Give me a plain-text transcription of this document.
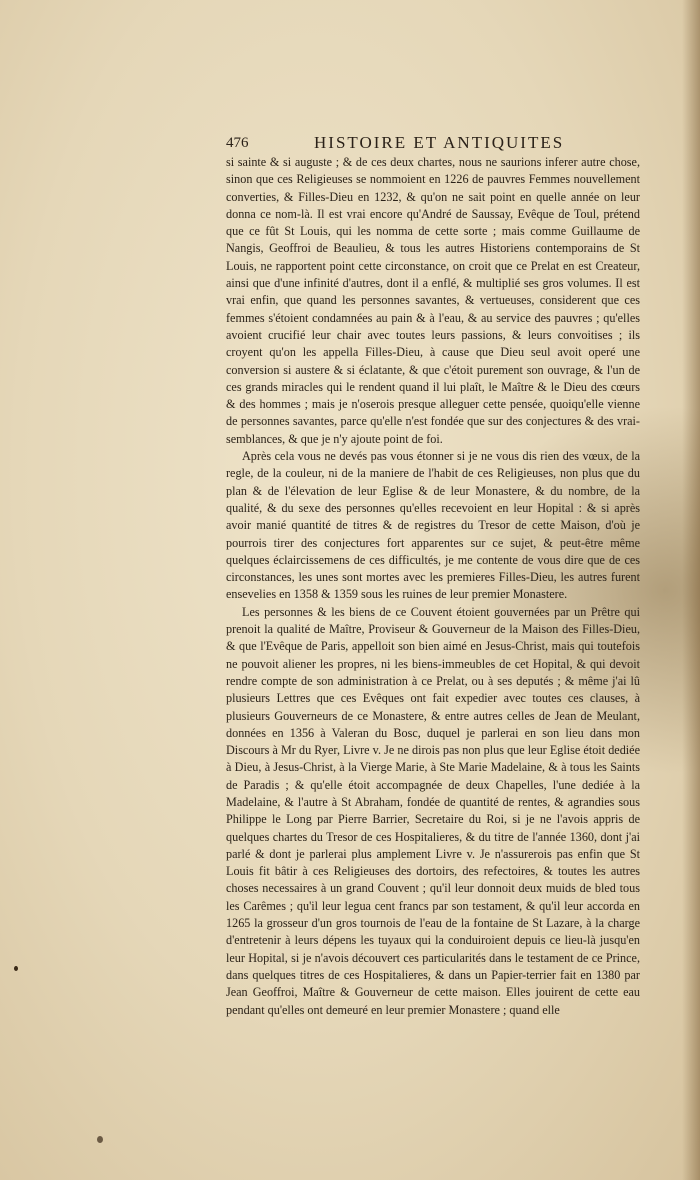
476	HISTOIRE ET ANTIQUITES

si sainte & si auguste ; & de ces deux chartes, nous ne saurions inferer autre chose, sinon que ces Religieuses se nommoient en 1226 de pauvres Femmes nouvellement converties, & Filles-Dieu en 1232, & qu'on ne sait point en quelle année on leur donna ce nom-là. Il est vrai encore qu'André de Saussay, Evêque de Toul, prétend que ce fût St Louis, qui les nomma de cette sorte ; mais comme Guillaume de Nangis, Geoffroi de Beaulieu, & tous les autres Historiens contemporains de St Louis, ne rapportent point cette circonstance, on croit que ce Prelat en est Createur, ainsi que d'une infinité d'autres, dont il a enflé, & multiplié ses gros volumes. Il est vrai enfin, que quand les personnes savantes, & vertueuses, considerent que ces femmes s'étoient condamnées au pain & à l'eau, & au service des pauvres ; qu'elles avoient crucifié leur chair avec toutes leurs passions, & leurs convoitises ; ils croyent qu'on les appella Filles-Dieu, à cause que Dieu seul avoit operé une conversion si austere & si éclatante, & que c'étoit purement son ouvrage, & l'un de ces grands miracles qui le rendent quand il lui plaît, le Maître & le Dieu des cœurs & des hommes ; mais je n'oserois presque alleguer cette pensée, quoiqu'elle vienne de personnes savantes, parce qu'elle n'est fondée que sur des conjectures & des vrai-semblances, & que je n'y ajoute point de foi.

Après cela vous ne devés pas vous étonner si je ne vous dis rien des vœux, de la regle, de la couleur, ni de la maniere de l'habit de ces Religieuses, non plus que du plan & de l'élevation de leur Eglise & de leur Monastere, & du nombre, de la qualité, & du sexe des personnes qu'elles recevoient en leur Hopital : & si après avoir manié quantité de titres & de registres du Tresor de cette Maison, d'où je pourrois tirer des conjectures fort apparentes sur ce sujet, & peut-être même quelques éclaircissemens de ces difficultés, je me contente de vous dire que de ces circonstances, les unes sont mortes avec les premieres Filles-Dieu, les autres furent ensevelies en 1358 & 1359 sous les ruines de leur premier Monastere.

Les personnes & les biens de ce Couvent étoient gouvernées par un Prêtre qui prenoit la qualité de Maître, Proviseur & Gouverneur de la Maison des Filles-Dieu, & que l'Evêque de Paris, appelloit son bien aimé en Jesus-Christ, mais qui toutefois ne pouvoit aliener les propres, ni les biens-immeubles de cet Hopital, & qui devoit rendre compte de son administration à ce Prelat, ou à ses deputés ; & même j'ai lû plusieurs Lettres que ces Evêques ont fait expedier avec toutes ces clauses, à plusieurs Gouverneurs de ce Monastere, & entre autres celles de Jean de Meulant, données en 1356 à Valeran du Bosc, duquel je parlerai en son lieu dans mon Discours à Mr du Ryer, Livre v. Je ne dirois pas non plus que leur Eglise étoit dediée à Dieu, à Jesus-Christ, à la Vierge Marie, à Ste Marie Madelaine, & à tous les Saints de Paradis ; & qu'elle étoit accompagnée de deux Chapelles, l'une dediée à la Madelaine, & l'autre à St Abraham, fondée de quantité de rentes, & agrandies sous Philippe le Long par Pierre Barrier, Secretaire du Roi, si je ne l'avois appris de quelques chartes du Tresor de ces Hospitalieres, & du titre de l'année 1360, dont j'ai parlé & dont je parlerai plus amplement Livre v. Je n'assurerois pas enfin que St Louis fit bâtir à ces Religieuses des dortoirs, des refectoires, & toutes les autres choses necessaires à un grand Couvent ; qu'il leur donnoit deux muids de bled tous les Carêmes ; qu'il leur legua cent francs par son testament, & qu'il leur accorda en 1265 la grosseur d'un gros tournois de l'eau de la fontaine de St Lazare, à la charge d'entretenir à leurs dépens les tuyaux qui la conduiroient depuis ce lieu-là jusqu'en leur Hopital, si je n'avois découvert ces particularités dans le testament de ce Prince, dans quelques titres de ces Hospitalieres, & dans un Papier-terrier fait en 1380 par Jean Geoffroi, Maître & Gouverneur de cette maison. Elles jouirent de cette eau pendant qu'elles ont demeuré en leur premier Monastere ; quand elle
